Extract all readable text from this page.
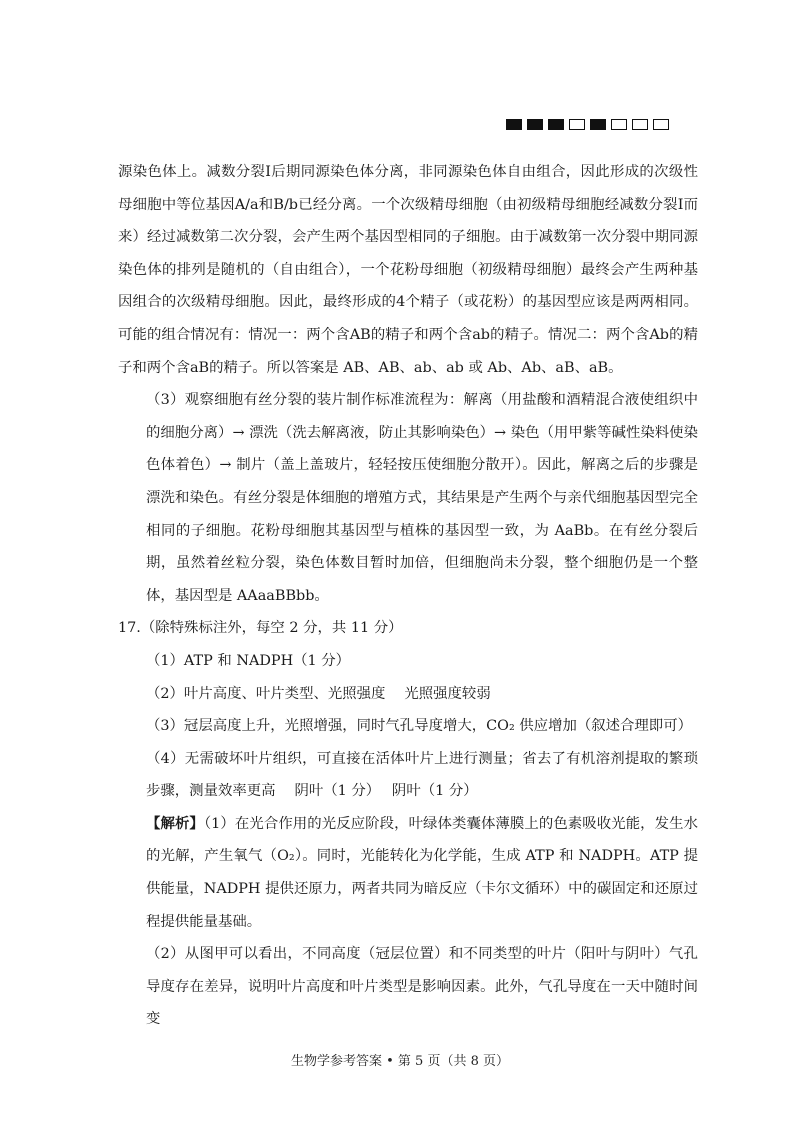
源染色体上。减数分裂Ⅰ后期同源染色体分离，非同源染色体自由组合，因此形成的次级性母细胞中等位基因A/a和B/b已经分离。一个次级精母细胞（由初级精母细胞经减数分裂Ⅰ而来）经过减数第二次分裂，会产生两个基因型相同的子细胞。由于减数第一次分裂中期同源染色体的排列是随机的（自由组合），一个花粉母细胞（初级精母细胞）最终会产生两种基因组合的次级精母细胞。因此，最终形成的4个精子（或花粉）的基因型应该是两两相同。可能的组合情况有：情况一：两个含AB的精子和两个含ab的精子。情况二：两个含Ab的精子和两个含aB的精子。所以答案是 AB、AB、ab、ab 或 Ab、Ab、aB、aB。

（3）观察细胞有丝分裂的装片制作标准流程为：解离（用盐酸和酒精混合液使组织中的细胞分离）→ 漂洗（洗去解离液，防止其影响染色）→ 染色（用甲紫等碱性染料使染色体着色）→ 制片（盖上盖玻片，轻轻按压使细胞分散开）。因此，解离之后的步骤是漂洗和染色。有丝分裂是体细胞的增殖方式，其结果是产生两个与亲代细胞基因型完全相同的子细胞。花粉母细胞其基因型与植株的基因型一致，为 AaBb。在有丝分裂后期，虽然着丝粒分裂，染色体数目暂时加倍，但细胞尚未分裂，整个细胞仍是一个整体，基因型是 AAaaBBbb。

17.（除特殊标注外，每空 2 分，共 11 分）

（1）ATP 和 NADPH（1 分）

（2）叶片高度、叶片类型、光照强度　 光照强度较弱

（3）冠层高度上升，光照增强，同时气孔导度增大，CO₂ 供应增加（叙述合理即可）

（4）无需破坏叶片组织，可直接在活体叶片上进行测量；省去了有机溶剂提取的繁琐步骤，测量效率更高　 阴叶（1 分）　 阴叶（1 分）

【解析】（1）在光合作用的光反应阶段，叶绿体类囊体薄膜上的色素吸收光能，发生水的光解，产生氧气（O₂）。同时，光能转化为化学能，生成 ATP 和 NADPH。ATP 提供能量，NADPH 提供还原力，两者共同为暗反应（卡尔文循环）中的碳固定和还原过程提供能量基础。

（2）从图甲可以看出，不同高度（冠层位置）和不同类型的叶片（阳叶与阴叶）气孔导度存在差异，说明叶片高度和叶片类型是影响因素。此外，气孔导度在一天中随时间变

生物学参考答案 • 第 5 页（共 8 页）
